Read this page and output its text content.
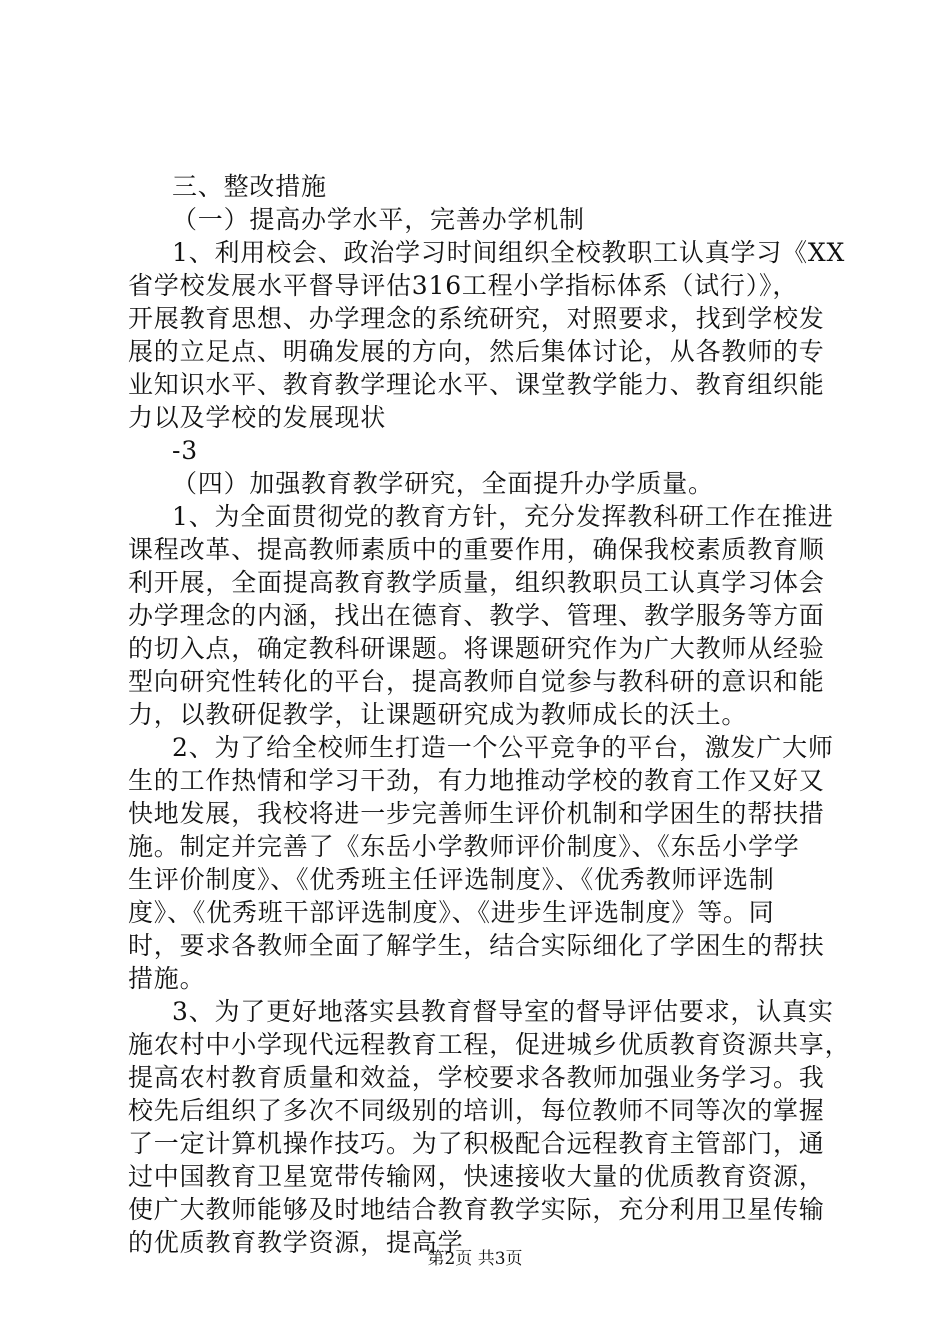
三、整改措施
（一）提高办学水平，完善办学机制
1、利用校会、政治学习时间组织全校教职工认真学习《XX
省学校发展水平督导评估316工程小学指标体系（试行）》，
开展教育思想、办学理念的系统研究，对照要求，找到学校发
展的立足点、明确发展的方向，然后集体讨论，从各教师的专
业知识水平、教育教学理论水平、课堂教学能力、教育组织能
力以及学校的发展现状
-3
（四）加强教育教学研究，全面提升办学质量。
1、为全面贯彻党的教育方针，充分发挥教科研工作在推进
课程改革、提高教师素质中的重要作用，确保我校素质教育顺
利开展，全面提高教育教学质量，组织教职员工认真学习体会
办学理念的内涵，找出在德育、教学、管理、教学服务等方面
的切入点，确定教科研课题。将课题研究作为广大教师从经验
型向研究性转化的平台，提高教师自觉参与教科研的意识和能
力，以教研促教学，让课题研究成为教师成长的沃土。
2、为了给全校师生打造一个公平竞争的平台，激发广大师
生的工作热情和学习干劲，有力地推动学校的教育工作又好又
快地发展，我校将进一步完善师生评价机制和学困生的帮扶措
施。制定并完善了《东岳小学教师评价制度》、《东岳小学学
生评价制度》、《优秀班主任评选制度》、《优秀教师评选制
度》、《优秀班干部评选制度》、《进步生评选制度》等。同
时，要求各教师全面了解学生，结合实际细化了学困生的帮扶
措施。
3、为了更好地落实县教育督导室的督导评估要求，认真实
施农村中小学现代远程教育工程，促进城乡优质教育资源共享，
提高农村教育质量和效益，学校要求各教师加强业务学习。我
校先后组织了多次不同级别的培训，每位教师不同等次的掌握
了一定计算机操作技巧。为了积极配合远程教育主管部门，通
过中国教育卫星宽带传输网，快速接收大量的优质教育资源，
使广大教师能够及时地结合教育教学实际，充分利用卫星传输
的优质教育教学资源，提高学
第2页 共3页
